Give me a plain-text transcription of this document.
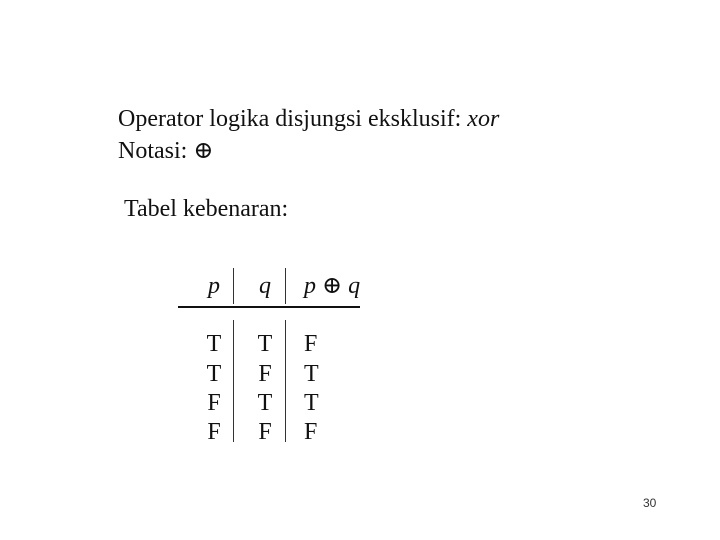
Operator logika disjungsi eksklusif: xor
Notasi: ⊕
Tabel kebenaran:
p	q	p ⊕ q
T	T	F
T	F	T
F	T	T
F	F	F
30
